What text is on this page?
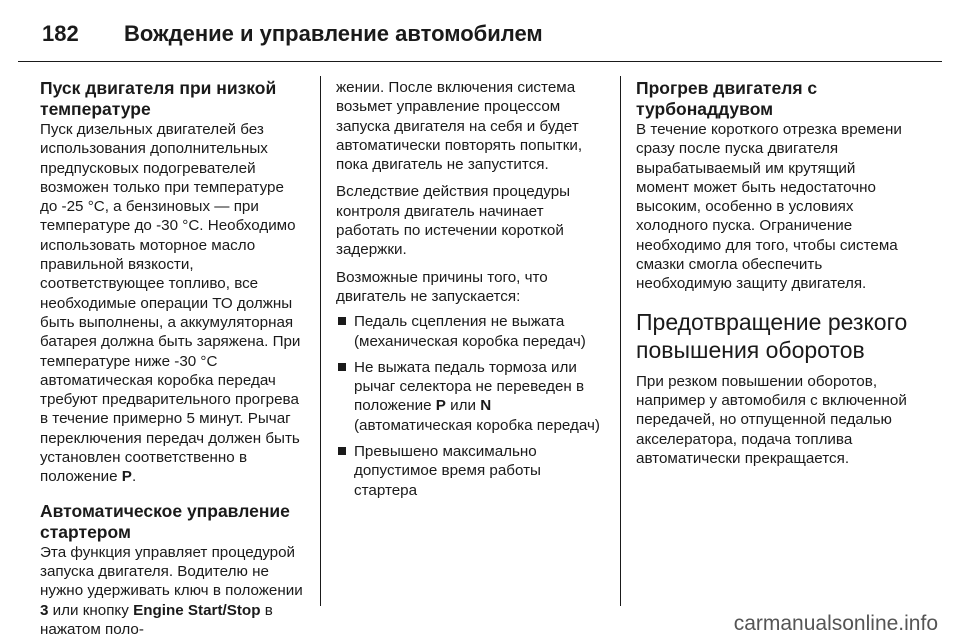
182	Вождение и управление автомобилем
Пуск двигателя при низкой температуре

Пуск дизельных двигателей без использования дополнительных предпусковых подогревателей возможен только при температуре до -25 °C, а бензиновых — при температуре до -30 °C. Необходимо использовать моторное масло правильной вязкости, соответствующее топливо, все необходимые операции ТО должны быть выполнены, а аккумуляторная батарея должна быть заряжена. При температуре ниже -30 °C автоматическая коробка передач требуют предварительного прогрева в течение примерно 5 минут. Рычаг переключения передач должен быть установлен соответственно в положение P.

Автоматическое управление стартером

Эта функция управляет процедурой запуска двигателя. Водителю не нужно удерживать ключ в положении 3 или кнопку Engine Start/Stop в нажатом поло-

жении. После включения система возьмет управление процессом запуска двигателя на себя и будет автоматически повторять попытки, пока двигатель не запустится.

Вследствие действия процедуры контроля двигатель начинает работать по истечении короткой задержки.

Возможные причины того, что двигатель не запускается:

Педаль сцепления не выжата (механическая коробка передач)
Не выжата педаль тормоза или рычаг селектора не переведен в положение P или N (автоматическая коробка передач)
Превышено максимально допустимое время работы стартера
Прогрев двигателя с турбонаддувом

В течение короткого отрезка времени сразу после пуска двигателя вырабатываемый им крутящий момент может быть недостаточно высоким, особенно в условиях холодного пуска. Ограничение необходимо для того, чтобы система смазки смогла обеспечить необходимую защиту двигателя.

Предотвращение резкого повышения оборотов

При резком повышении оборотов, например у автомобиля с включенной передачей, но отпущенной педалью акселератора, подача топлива автоматически прекращается.

carmanualsonline.info
